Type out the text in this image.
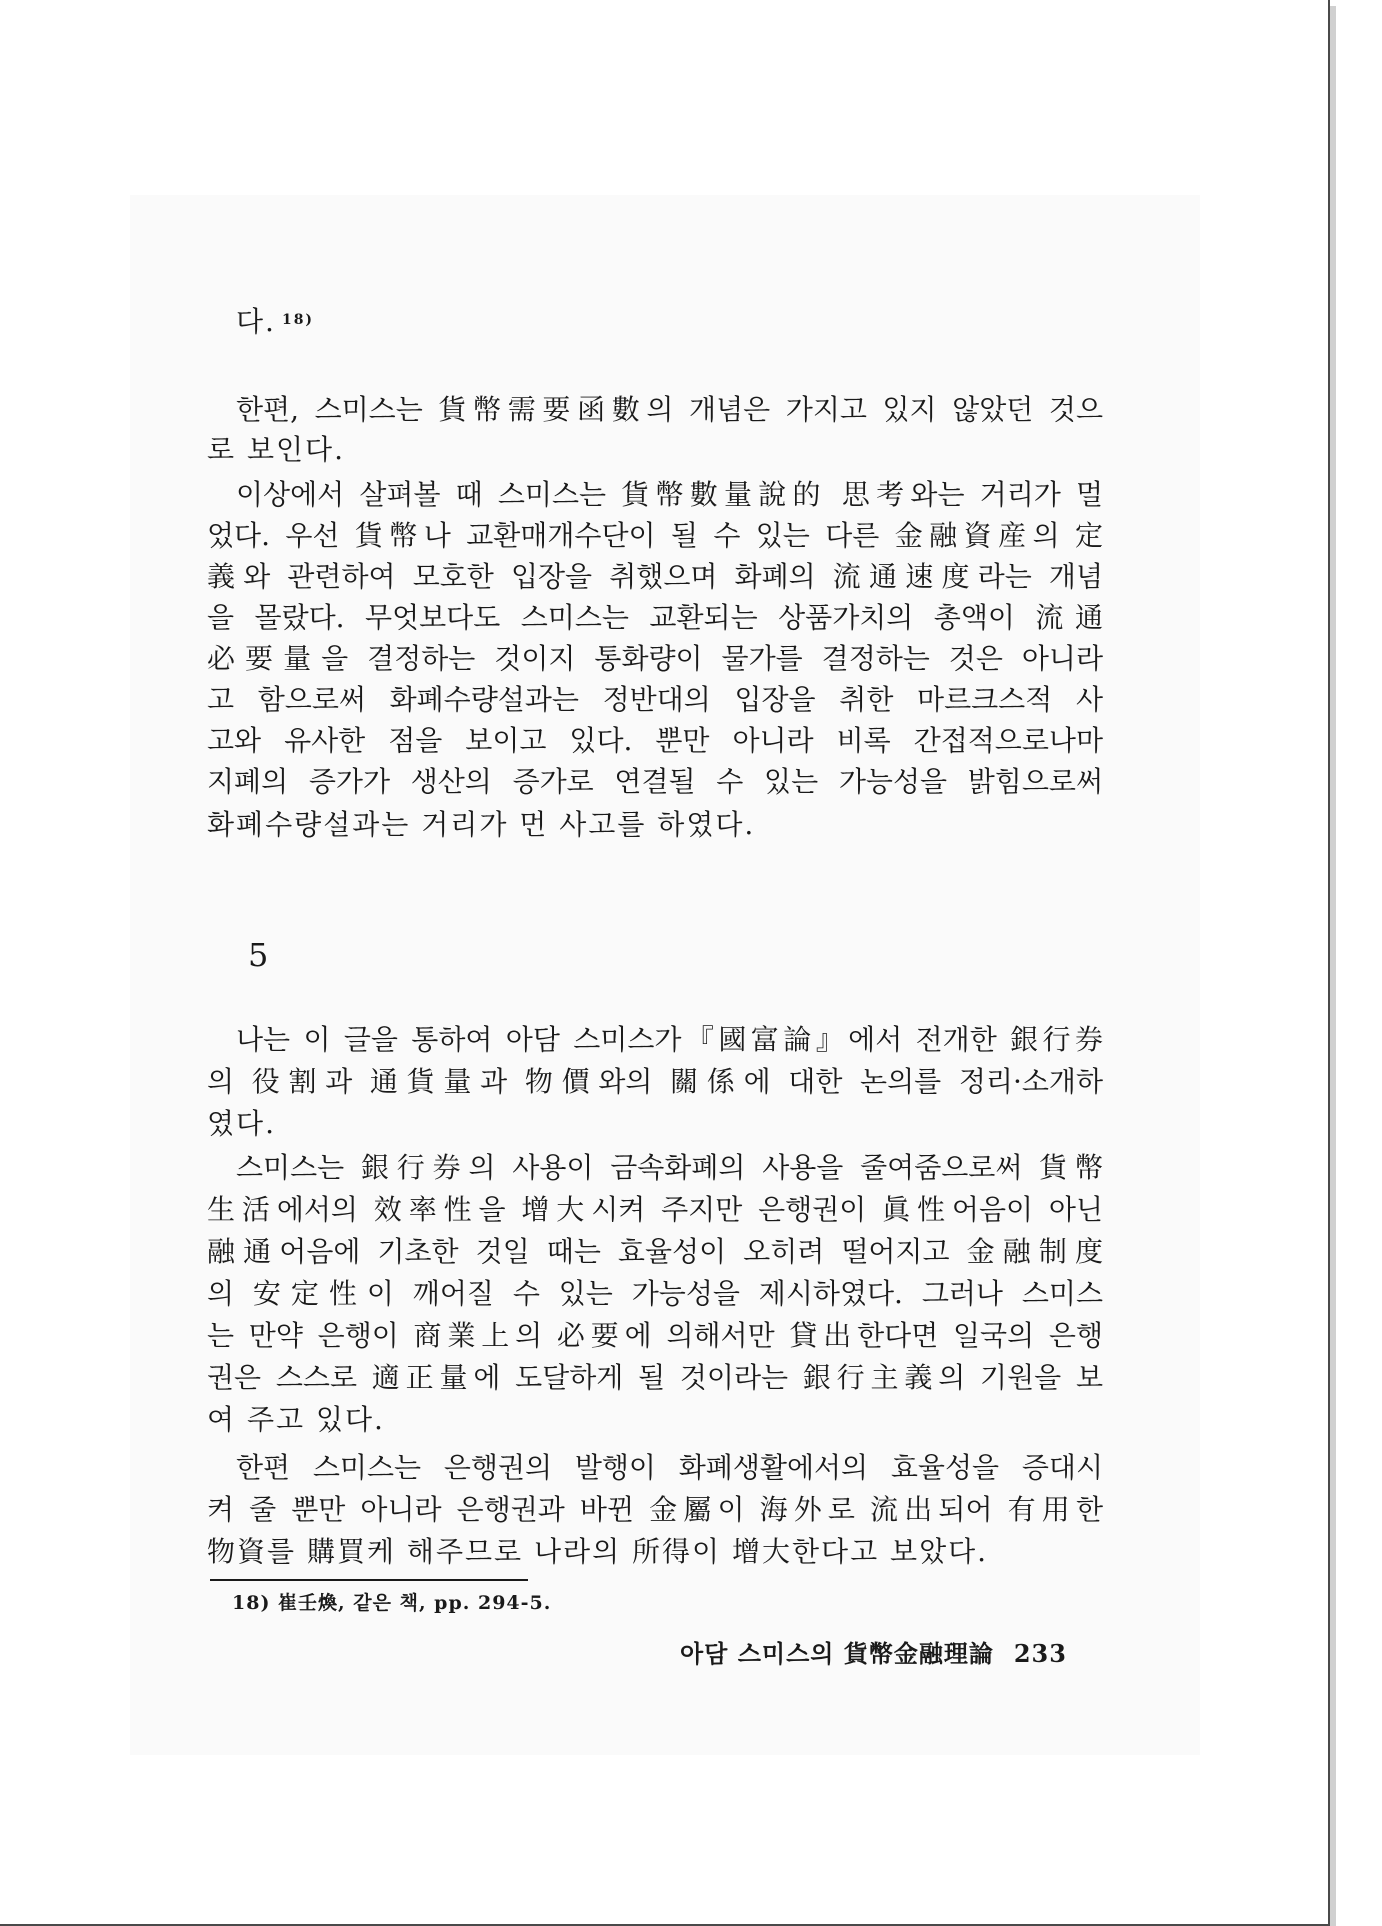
다. $^{18)}$
한편, 스미스는 貨幣需要函數의 개념은 가지고 있지 않았던 것으
로 보인다.
이상에서 살펴볼 때 스미스는 貨幣數量說的 思考와는 거리가 멀
었다. 우선 貨幣나 교환매개수단이 될 수 있는 다른 金融資産의 定
義와 관련하여 모호한 입장을 취했으며 화폐의 流通速度라는 개념
을 몰랐다. 무엇보다도 스미스는 교환되는 상품가치의 총액이 流通
必要量을 결정하는 것이지 통화량이 물가를 결정하는 것은 아니라
고 함으로써 화폐수량설과는 정반대의 입장을 취한 마르크스적 사
고와 유사한 점을 보이고 있다. 뿐만 아니라 비록 간접적으로나마
지폐의 증가가 생산의 증가로 연결될 수 있는 가능성을 밝힘으로써
화폐수량설과는 거리가 먼 사고를 하였다.
나는 이 글을 통하여 아담 스미스가『國富論』에서 전개한 銀行券
의 役割과 通貨量과 物價와의 關係에 대한 논의를 정리·소개하
였다.
스미스는 銀行券의 사용이 금속화폐의 사용을 줄여줌으로써 貨幣
生活에서의 效率性을 增大시켜 주지만 은행권이 眞性어음이 아닌
融通어음에 기초한 것일 때는 효율성이 오히려 떨어지고 金融制度
의 安定性이 깨어질 수 있는 가능성을 제시하였다. 그러나 스미스
는 만약 은행이 商業上의 必要에 의해서만 貸出한다면 일국의 은행
권은 스스로 適正量에 도달하게 될 것이라는 銀行主義의 기원을 보
여 주고 있다.
한편 스미스는 은행권의 발행이 화폐생활에서의 효율성을 증대시
켜 줄 뿐만 아니라 은행권과 바뀐 金屬이 海外로 流出되어 有用한
物資를 購買케 해주므로 나라의 所得이 增大한다고 보았다.
5
18) 崔壬煥, 같은 책, pp. 294-5.
아담 스미스의 貨幣金融理論 233
